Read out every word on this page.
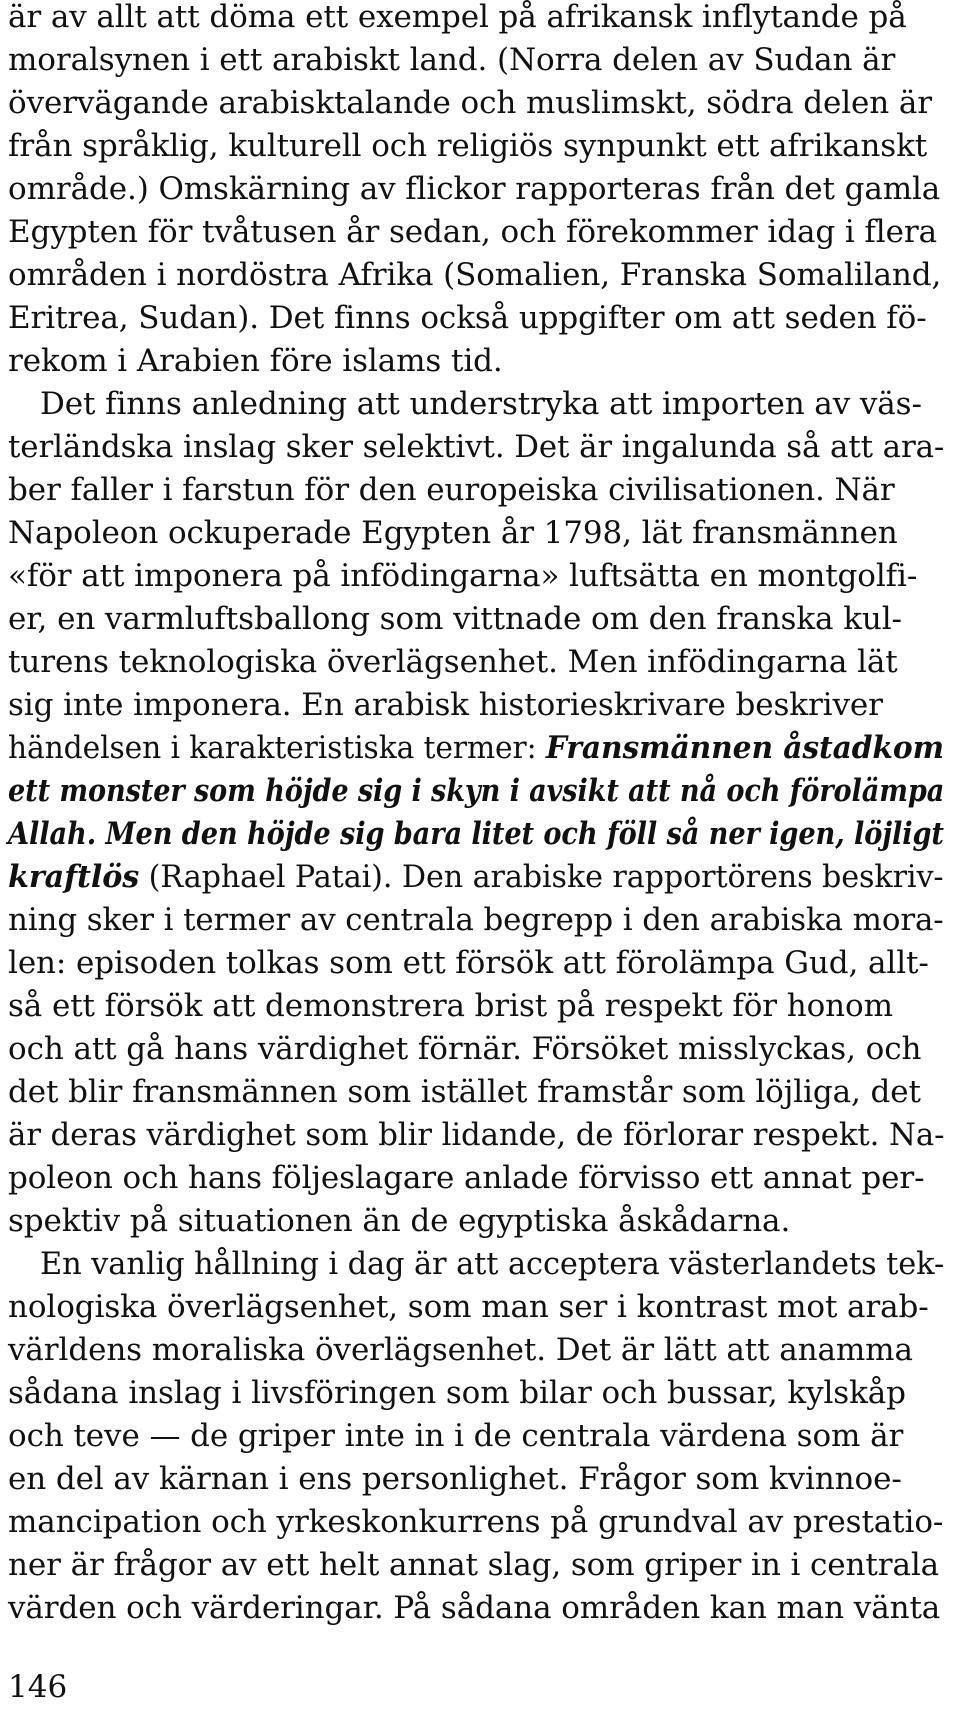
är av allt att döma ett exempel på afrikansk inflytande på
moralsynen i ett arabiskt land. (Norra delen av Sudan är
övervägande arabisktalande och muslimskt, södra delen är
från språklig, kulturell och religiös synpunkt ett afrikanskt
område.) Omskärning av flickor rapporteras från det gamla
Egypten för tvåtusen år sedan, och förekommer idag i flera
områden i nordöstra Afrika (Somalien, Franska Somaliland,
Eritrea, Sudan). Det finns också uppgifter om att seden fö-
rekom i Arabien före islams tid.
Det finns anledning att understryka att importen av väs-
terländska inslag sker selektivt. Det är ingalunda så att ara-
ber faller i farstun för den europeiska civilisationen. När
Napoleon ockuperade Egypten år 1798, lät fransmännen
«för att imponera på infödingarna» luftsätta en montgolfi-
er, en varmluftsballong som vittnade om den franska kul-
turens teknologiska överlägsenhet. Men infödingarna lät
sig inte imponera. En arabisk historieskrivare beskriver
händelsen i karakteristiska termer: Fransmännen åstadkom
ett monster som höjde sig i skyn i avsikt att nå och förolämpa
Allah. Men den höjde sig bara litet och föll så ner igen, löjligt
kraftlös (Raphael Patai). Den arabiske rapportörens beskriv-
ning sker i termer av centrala begrepp i den arabiska mora-
len: episoden tolkas som ett försök att förolämpa Gud, allt-
så ett försök att demonstrera brist på respekt för honom
och att gå hans värdighet förnär. Försöket misslyckas, och
det blir fransmännen som istället framstår som löjliga, det
är deras värdighet som blir lidande, de förlorar respekt. Na-
poleon och hans följeslagare anlade förvisso ett annat per-
spektiv på situationen än de egyptiska åskådarna.
En vanlig hållning i dag är att acceptera västerlandets tek-
nologiska överlägsenhet, som man ser i kontrast mot arab-
världens moraliska överlägsenhet. Det är lätt att anamma
sådana inslag i livsföringen som bilar och bussar, kylskåp
och teve — de griper inte in i de centrala värdena som är
en del av kärnan i ens personlighet. Frågor som kvinnoe-
mancipation och yrkeskonkurrens på grundval av prestatio-
ner är frågor av ett helt annat slag, som griper in i centrala
värden och värderingar. På sådana områden kan man vänta
146
